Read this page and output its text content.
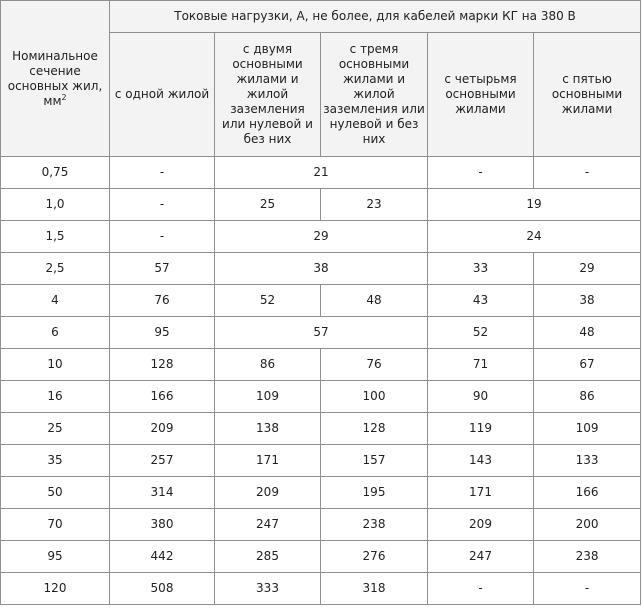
Номинальное сечение основных жил, $мм^2$	Токовые нагрузки, А, не более, для кабелей марки КГ на 380 В				
	с одной жилой	с двумя основными жилами и жилой заземления или нулевой и без них	с тремя основными жилами и жилой заземления или нулевой и без них	с четырьмя основными жилами	с пятью основными жилами
0,75	-	21		-	-
1,0	-	25	23	19	
1,5	-	29		24	
2,5	57	38		33	29
4	76	52	48	43	38
6	95	57		52	48
10	128	86	76	71	67
16	166	109	100	90	86
25	209	138	128	119	109
35	257	171	157	143	133
50	314	209	195	171	166
70	380	247	238	209	200
95	442	285	276	247	238
120	508	333	318	-	-
